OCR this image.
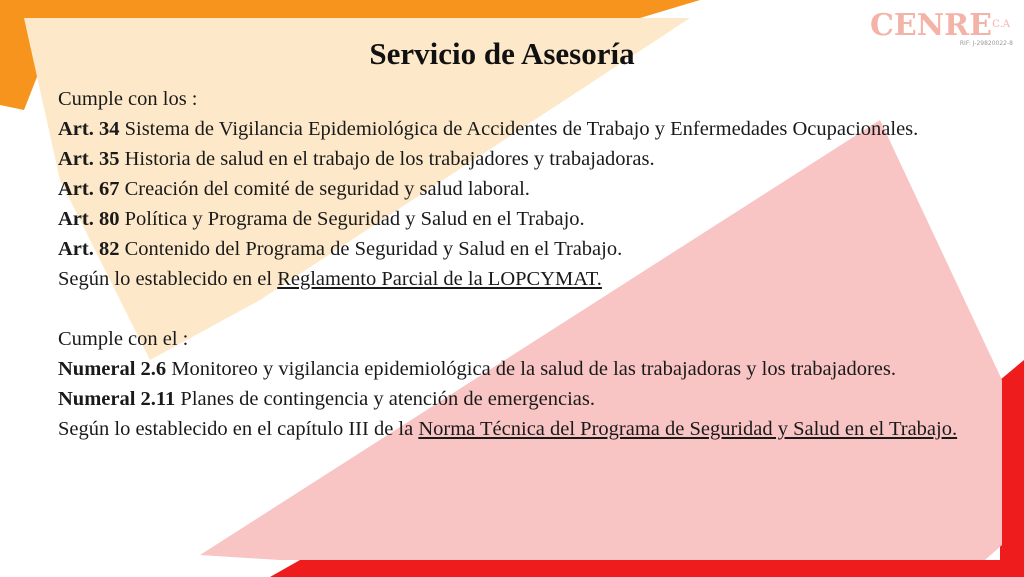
CENRE C.A
RIF: J-29820022-8
Servicio de Asesoría

Cumple con los :

Art. 34 Sistema de Vigilancia Epidemiológica de Accidentes de Trabajo y Enfermedades Ocupacionales.

Art. 35 Historia de salud en el trabajo de los trabajadores y trabajadoras.

Art. 67 Creación del comité de seguridad y salud laboral.

Art. 80 Política y Programa de Seguridad y Salud en el Trabajo.

Art. 82 Contenido del Programa de Seguridad y Salud en el Trabajo.

Según lo establecido en el Reglamento Parcial de la LOPCYMAT.

Cumple con el :

Numeral 2.6 Monitoreo y vigilancia epidemiológica de la salud de las trabajadoras y los trabajadores.

Numeral 2.11 Planes de contingencia y atención de emergencias.

Según lo establecido en el capítulo III de la Norma Técnica del Programa de Seguridad y Salud en el Trabajo.
